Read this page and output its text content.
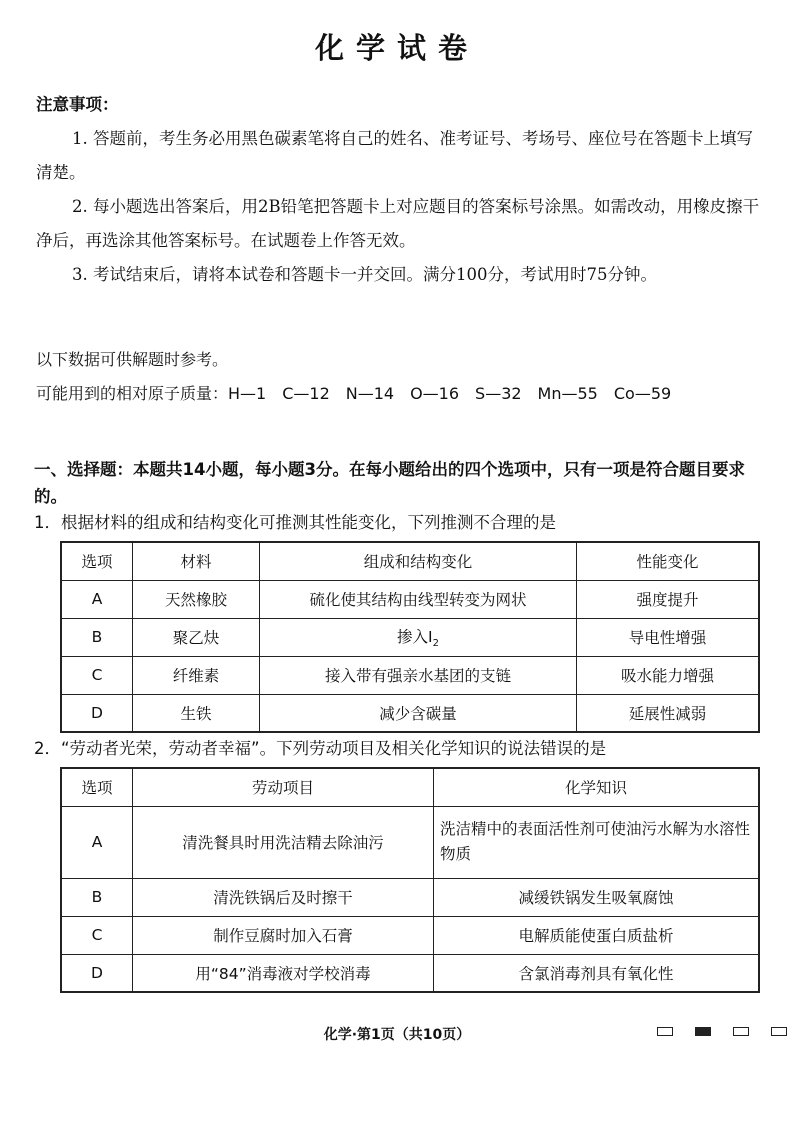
化学试卷
注意事项：
1. 答题前，考生务必用黑色碳素笔将自己的姓名、准考证号、考场号、座位号在答题卡上填写清楚。
2. 每小题选出答案后，用2B铅笔把答题卡上对应题目的答案标号涂黑。如需改动，用橡皮擦干净后，再选涂其他答案标号。在试题卷上作答无效。
3. 考试结束后，请将本试卷和答题卡一并交回。满分100分，考试用时75分钟。
以下数据可供解题时参考。
可能用到的相对原子质量：H—1　C—12　N—14　O—16　S—32　Mn—55　Co—59
一、选择题：本题共14小题，每小题3分。在每小题给出的四个选项中，只有一项是符合题目要求的。
1．根据材料的组成和结构变化可推测其性能变化，下列推测不合理的是
选项	材料	组成和结构变化	性能变化
A	天然橡胶	硫化使其结构由线型转变为网状	强度提升
B	聚乙炔	掺入$I_2$	导电性增强
C	纤维素	接入带有强亲水基团的支链	吸水能力增强
D	生铁	减少含碳量	延展性减弱
2．“劳动者光荣，劳动者幸福”。下列劳动项目及相关化学知识的说法错误的是
选项	劳动项目	化学知识
A	清洗餐具时用洗洁精去除油污	洗洁精中的表面活性剂可使油污水解为水溶性物质
B	清洗铁锅后及时擦干	减缓铁锅发生吸氧腐蚀
C	制作豆腐时加入石膏	电解质能使蛋白质盐析
D	用“84”消毒液对学校消毒	含氯消毒剂具有氧化性
化学·第1页（共10页）
